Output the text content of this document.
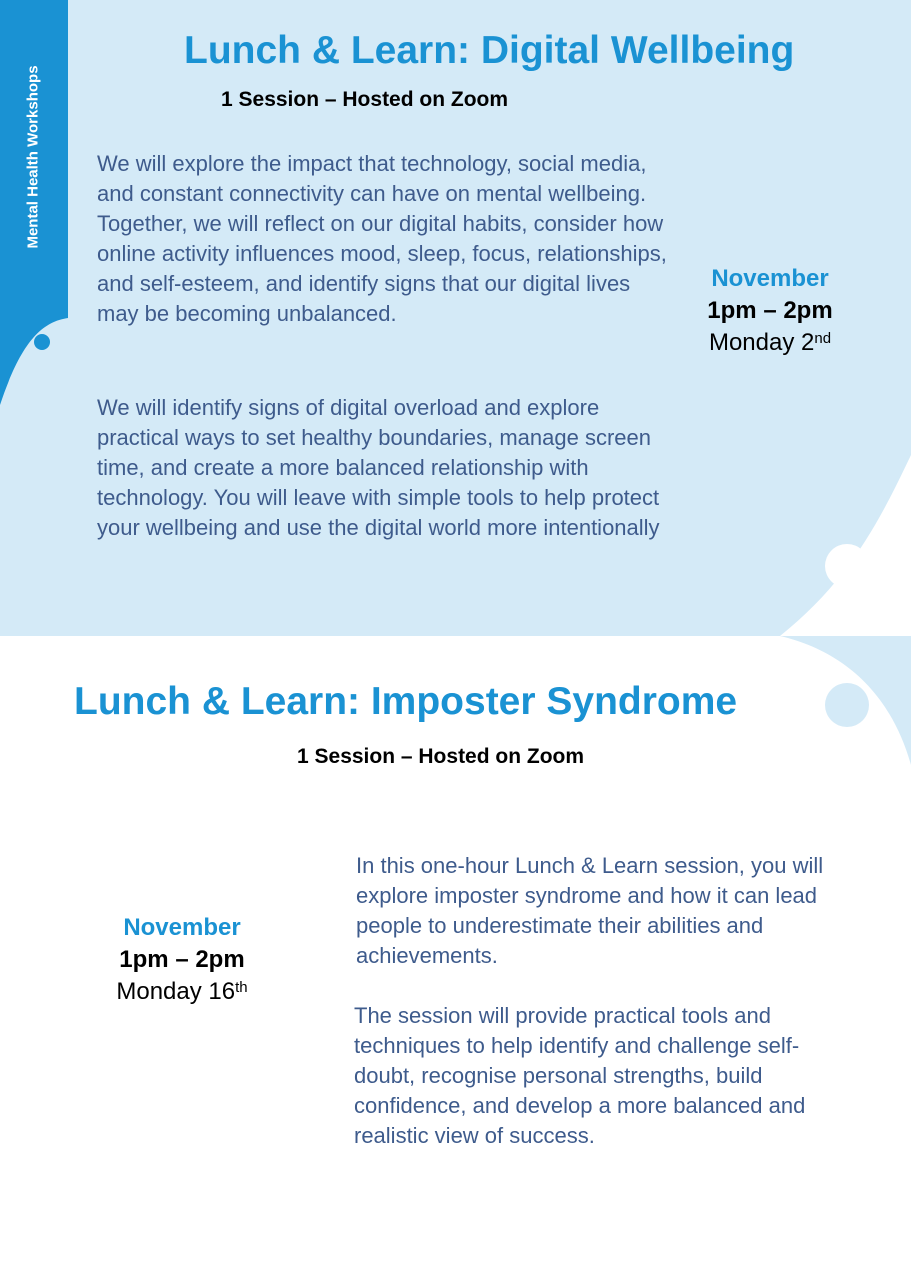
Mental Health Workshops
Lunch & Learn: Digital Wellbeing
1 Session – Hosted on Zoom

We will explore the impact that technology, social media, and constant connectivity can have on mental wellbeing. Together, we will reflect on our digital habits, consider how online activity influences mood, sleep, focus, relationships, and self-esteem, and identify signs that our digital lives may be becoming unbalanced.

We will identify signs of digital overload and explore practical ways to set healthy boundaries, manage screen time, and create a more balanced relationship with technology. You will leave with simple tools to help protect your wellbeing and use the digital world more intentionally

November
1pm – 2pm
Monday 2nd
Lunch & Learn: Imposter Syndrome
1 Session – Hosted on Zoom

In this one-hour Lunch & Learn session, you will explore imposter syndrome and how it can lead people to underestimate their abilities and achievements.

The session will provide practical tools and techniques to help identify and challenge self-doubt, recognise personal strengths, build confidence, and develop a more balanced and realistic view of success.

November
1pm – 2pm
Monday 16th
